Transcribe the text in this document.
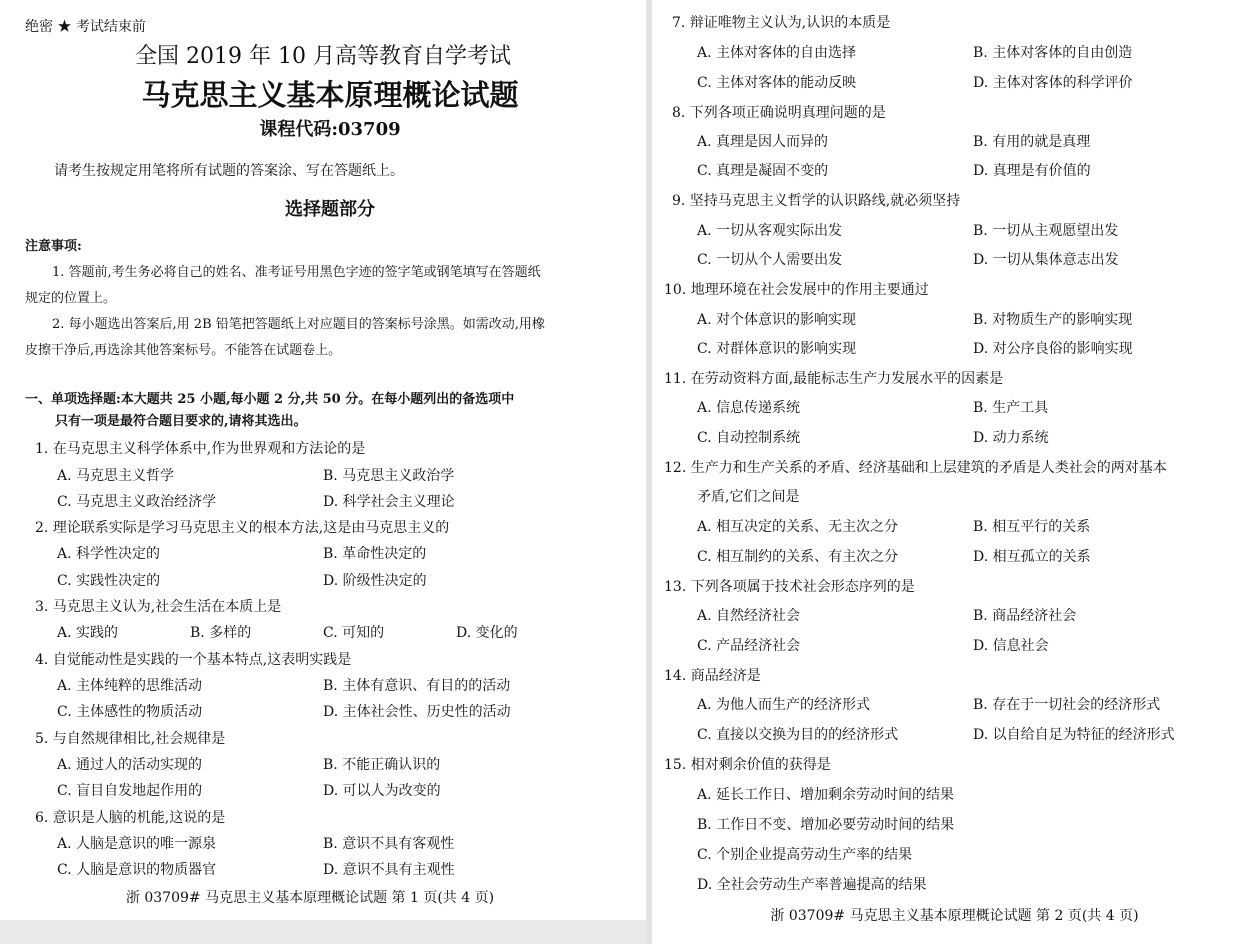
绝密 ★ 考试结束前
全国 2019 年 10 月高等教育自学考试
马克思主义基本原理概论试题
课程代码:03709
请考生按规定用笔将所有试题的答案涂、写在答题纸上。
选择题部分
注意事项:
1. 答题前,考生务必将自己的姓名、准考证号用黑色字迹的签字笔或钢笔填写在答题纸
规定的位置上。
2. 每小题选出答案后,用 2B 铅笔把答题纸上对应题目的答案标号涂黑。如需改动,用橡
皮擦干净后,再选涂其他答案标号。不能答在试题卷上。
一、单项选择题:本大题共 25 小题,每小题 2 分,共 50 分。在每小题列出的备选项中
只有一项是最符合题目要求的,请将其选出。
1. 在马克思主义科学体系中,作为世界观和方法论的是
A. 马克思主义哲学	B. 马克思主义政治学
C. 马克思主义政治经济学	D. 科学社会主义理论
2. 理论联系实际是学习马克思主义的根本方法,这是由马克思主义的
A. 科学性决定的	B. 革命性决定的
C. 实践性决定的	D. 阶级性决定的
3. 马克思主义认为,社会生活在本质上是
A. 实践的	B. 多样的	C. 可知的	D. 变化的
4. 自觉能动性是实践的一个基本特点,这表明实践是
A. 主体纯粹的思维活动	B. 主体有意识、有目的的活动
C. 主体感性的物质活动	D. 主体社会性、历史性的活动
5. 与自然规律相比,社会规律是
A. 通过人的活动实现的	B. 不能正确认识的
C. 盲目自发地起作用的	D. 可以人为改变的
6. 意识是人脑的机能,这说的是
A. 人脑是意识的唯一源泉	B. 意识不具有客观性
C. 人脑是意识的物质器官	D. 意识不具有主观性
浙 03709# 马克思主义基本原理概论试题 第 1 页(共 4 页)
7. 辩证唯物主义认为,认识的本质是
A. 主体对客体的自由选择	B. 主体对客体的自由创造
C. 主体对客体的能动反映	D. 主体对客体的科学评价
8. 下列各项正确说明真理问题的是
A. 真理是因人而异的	B. 有用的就是真理
C. 真理是凝固不变的	D. 真理是有价值的
9. 坚持马克思主义哲学的认识路线,就必须坚持
A. 一切从客观实际出发	B. 一切从主观愿望出发
C. 一切从个人需要出发	D. 一切从集体意志出发
10. 地理环境在社会发展中的作用主要通过
A. 对个体意识的影响实现	B. 对物质生产的影响实现
C. 对群体意识的影响实现	D. 对公序良俗的影响实现
11. 在劳动资料方面,最能标志生产力发展水平的因素是
A. 信息传递系统	B. 生产工具
C. 自动控制系统	D. 动力系统
12. 生产力和生产关系的矛盾、经济基础和上层建筑的矛盾是人类社会的两对基本
矛盾,它们之间是
A. 相互决定的关系、无主次之分	B. 相互平行的关系
C. 相互制约的关系、有主次之分	D. 相互孤立的关系
13. 下列各项属于技术社会形态序列的是
A. 自然经济社会	B. 商品经济社会
C. 产品经济社会	D. 信息社会
14. 商品经济是
A. 为他人而生产的经济形式	B. 存在于一切社会的经济形式
C. 直接以交换为目的的经济形式	D. 以自给自足为特征的经济形式
15. 相对剩余价值的获得是
A. 延长工作日、增加剩余劳动时间的结果
B. 工作日不变、增加必要劳动时间的结果
C. 个别企业提高劳动生产率的结果
D. 全社会劳动生产率普遍提高的结果
浙 03709# 马克思主义基本原理概论试题 第 2 页(共 4 页)
